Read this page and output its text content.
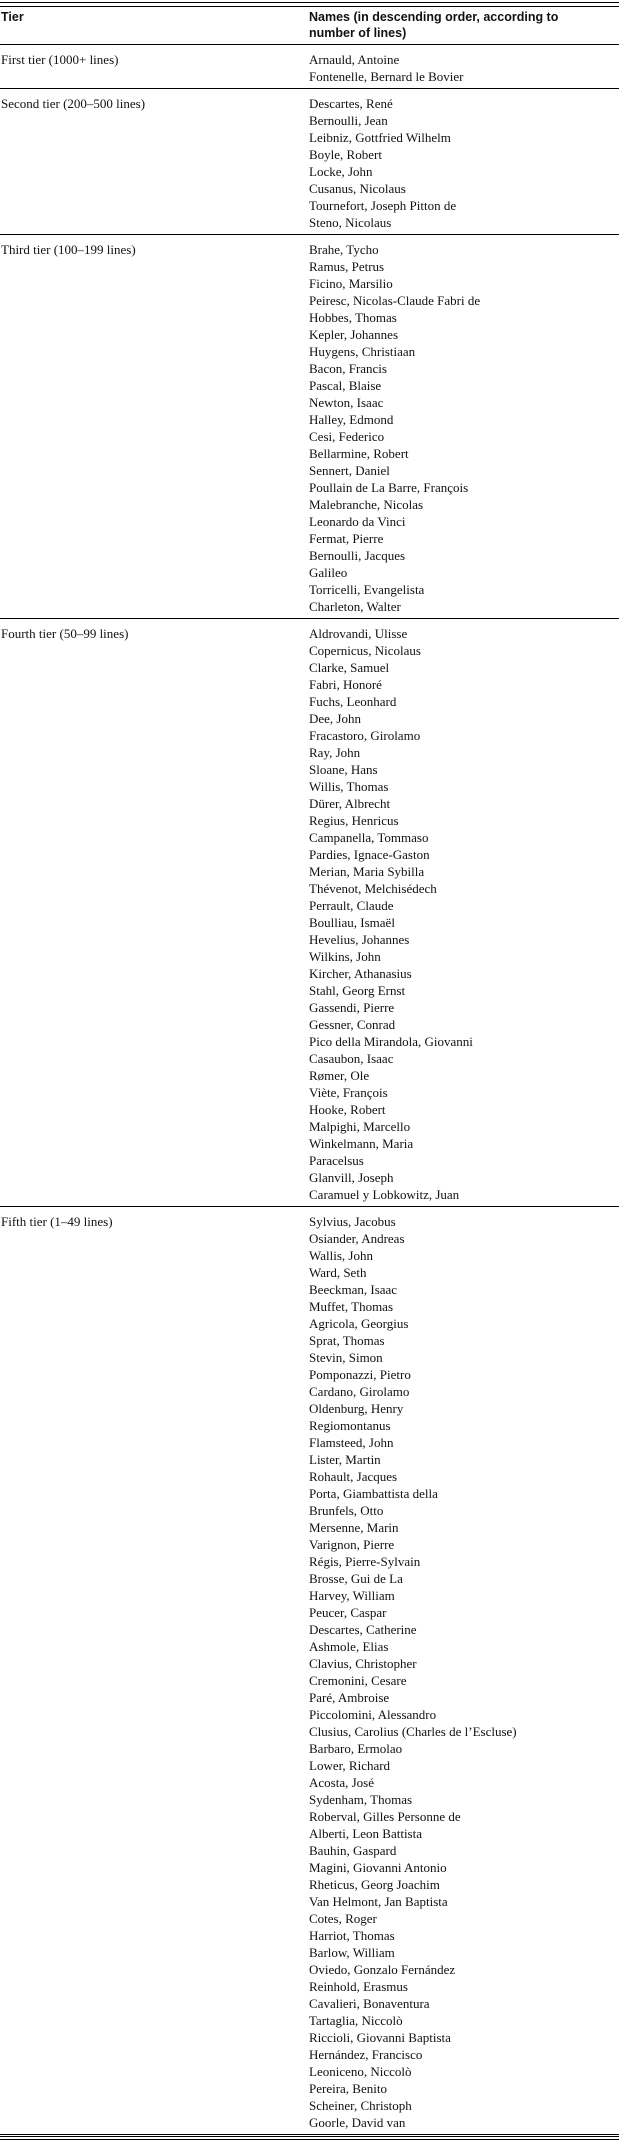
Tier	Names (in descending order, according to number of lines)
First tier (1000+ lines)	Arnauld, Antoine
Fontenelle, Bernard le Bovier
Second tier (200–500 lines)	Descartes, René
Bernoulli, Jean
Leibniz, Gottfried Wilhelm
Boyle, Robert
Locke, John
Cusanus, Nicolaus
Tournefort, Joseph Pitton de
Steno, Nicolaus
Third tier (100–199 lines)	Brahe, Tycho
Ramus, Petrus
Ficino, Marsilio
Peiresc, Nicolas-Claude Fabri de
Hobbes, Thomas
Kepler, Johannes
Huygens, Christiaan
Bacon, Francis
Pascal, Blaise
Newton, Isaac
Halley, Edmond
Cesi, Federico
Bellarmine, Robert
Sennert, Daniel
Poullain de La Barre, François
Malebranche, Nicolas
Leonardo da Vinci
Fermat, Pierre
Bernoulli, Jacques
Galileo
Torricelli, Evangelista
Charleton, Walter
Fourth tier (50–99 lines)	Aldrovandi, Ulisse
Copernicus, Nicolaus
Clarke, Samuel
Fabri, Honoré
Fuchs, Leonhard
Dee, John
Fracastoro, Girolamo
Ray, John
Sloane, Hans
Willis, Thomas
Dürer, Albrecht
Regius, Henricus
Campanella, Tommaso
Pardies, Ignace-Gaston
Merian, Maria Sybilla
Thévenot, Melchisédech
Perrault, Claude
Boulliau, Ismaël
Hevelius, Johannes
Wilkins, John
Kircher, Athanasius
Stahl, Georg Ernst
Gassendi, Pierre
Gessner, Conrad
Pico della Mirandola, Giovanni
Casaubon, Isaac
Rømer, Ole
Viète, François
Hooke, Robert
Malpighi, Marcello
Winkelmann, Maria
Paracelsus
Glanvill, Joseph
Caramuel y Lobkowitz, Juan
Fifth tier (1–49 lines)	Sylvius, Jacobus
Osiander, Andreas
Wallis, John
Ward, Seth
Beeckman, Isaac
Muffet, Thomas
Agricola, Georgius
Sprat, Thomas
Stevin, Simon
Pomponazzi, Pietro
Cardano, Girolamo
Oldenburg, Henry
Regiomontanus
Flamsteed, John
Lister, Martin
Rohault, Jacques
Porta, Giambattista della
Brunfels, Otto
Mersenne, Marin
Varignon, Pierre
Régis, Pierre-Sylvain
Brosse, Gui de La
Harvey, William
Peucer, Caspar
Descartes, Catherine
Ashmole, Elias
Clavius, Christopher
Cremonini, Cesare
Paré, Ambroise
Piccolomini, Alessandro
Clusius, Carolius (Charles de l’Escluse)
Barbaro, Ermolao
Lower, Richard
Acosta, José
Sydenham, Thomas
Roberval, Gilles Personne de
Alberti, Leon Battista
Bauhin, Gaspard
Magini, Giovanni Antonio
Rheticus, Georg Joachim
Van Helmont, Jan Baptista
Cotes, Roger
Harriot, Thomas
Barlow, William
Oviedo, Gonzalo Fernández
Reinhold, Erasmus
Cavalieri, Bonaventura
Tartaglia, Niccolò
Riccioli, Giovanni Baptista
Hernández, Francisco
Leoniceno, Niccolò
Pereira, Benito
Scheiner, Christoph
Goorle, David van
